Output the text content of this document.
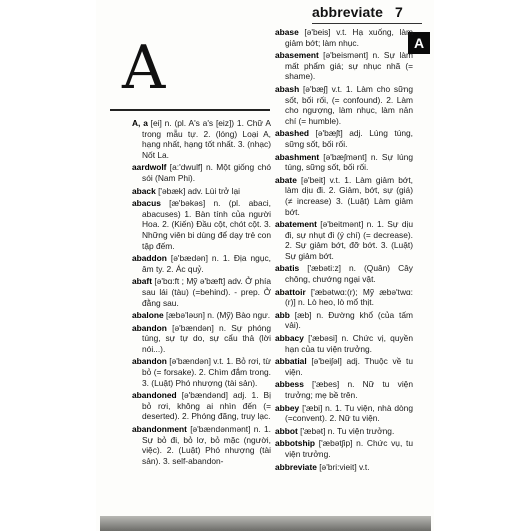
abbreviate 7
A
A

A, a [ei] n. (pl. A's a's [eiz]) 1. Chữ A trong mẫu tự. 2. (lóng) Loại A, hạng nhất, hạng tốt nhất. 3. (nhạc) Nốt La.

aardwolf [a:'dwulf] n. Một giống chó sói (Nam Phi).

aback ['əbæk] adv. Lùi trở lại

abacus [æ'bəkəs] n. (pl. abaci, abacuses) 1. Bàn tính của người Hoa. 2. (Kiến) Đầu cột, chót cột. 3. Những viên bi dùng để dạy trẻ con tập đếm.

abaddon [ə'bædən] n. 1. Địa ngục, âm ty. 2. Ác quỷ.

abaft [ə'bɑ:ft ; Mỹ ə'bæft] adv. Ở phía sau lái (tàu) (=behind). - prep. Ở đằng sau.

abalone [æbə'ləʊn] n. (Mỹ) Bào ngư.

abandon [ə'bændən] n. Sự phóng túng, sự tự do, sự cẩu thả (lời nói...).

abandon [ə'bændən] v.t. 1. Bỏ rơi, từ bỏ (= forsake). 2. Chìm đắm trong. 3. (Luật) Phó nhượng (tài sản).

abandoned [ə'bændənd] adj. 1. Bị bỏ rơi, không ai nhìn đến (= deserted). 2. Phóng đãng, truy lạc.

abandonment [ə'bændənmənt] n. 1. Sự bỏ đi, bỏ lơ, bỏ mặc (người, việc). 2. (Luật) Phó nhượng (tài sản). 3. self-abandon-

abase [ə'beis] v.t. Hạ xuống, làm giảm bớt; làm nhục.

abasement [ə'beismənt] n. Sự làm mất phẩm giá; sự nhục nhã (= shame).

abash [ə'bæʃ] v.t. 1. Làm cho sững sốt, bối rối, (= confound). 2. Làm cho ngượng, làm nhục, làm nản chí (= humble).

abashed [ə'bæʃt] adj. Lúng túng, sững sốt, bối rối.

abashment [ə'bæʃmənt] n. Sự lúng túng, sững sốt, bối rối.

abate [ə'beit] v.t. 1. Làm giảm bớt, làm dịu đi. 2. Giảm, bớt, sự (giá) (≠ increase) 3. (Luật) Làm giảm bớt.

abatement [ə'beitmənt] n. 1. Sự dịu đi, sự nhụt đi (ý chí) (= decrease). 2. Sự giảm bớt, đỡ bớt. 3. (Luật) Sự giảm bớt.

abatis ['æbəti:z] n. (Quân) Cây chông, chướng ngại vật.

abattoir ['æbətwɑ:(r); Mỹ æbə'twɑ:(r)] n. Lò heo, lò mổ thịt.

abb [æb] n. Đường khổ (của tấm vải).

abbacy ['æbəsi] n. Chức vị, quyền hạn của tu viện trưởng.

abbatial [ə'beiʃəl] adj. Thuộc về tu viện.

abbess ['æbes] n. Nữ tu viện trưởng; mẹ bề trên.

abbey ['æbi] n. 1. Tu viện, nhà dòng (=convent). 2. Nữ tu viện.

abbot ['æbət] n. Tu viện trưởng.

abbotship ['æbətʃip] n. Chức vụ, tu viện trưởng.

abbreviate [ə'bri:vieit] v.t.
